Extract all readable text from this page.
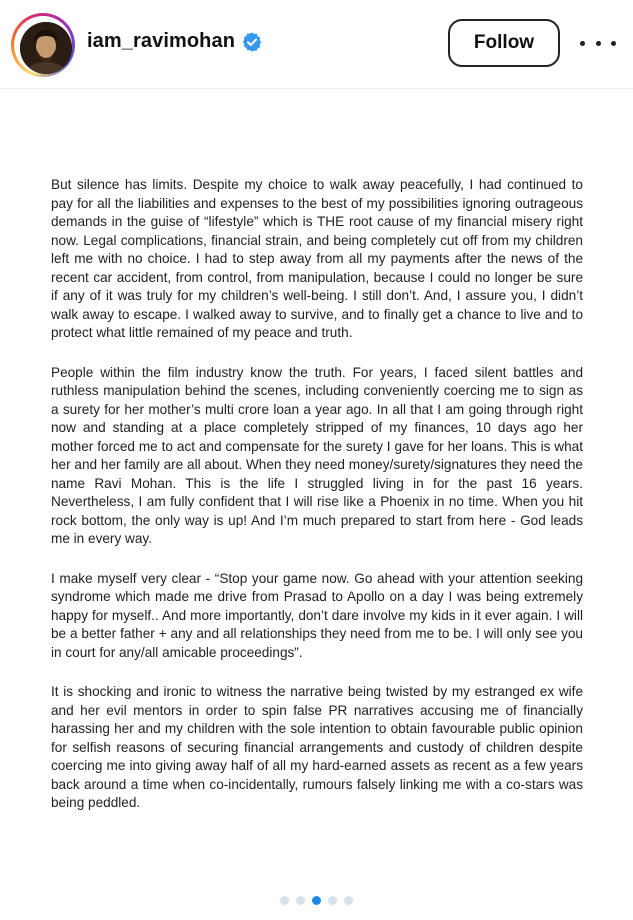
iam_ravimohan	Follow

But silence has limits. Despite my choice to walk away peacefully, I had continued to pay for all the liabilities and expenses to the best of my possibilities ignoring outrageous demands in the guise of “lifestyle” which is THE root cause of my financial misery right now. Legal complications, financial strain, and being completely cut off from my children left me with no choice. I had to step away from all my payments after the news of the recent car accident, from control, from manipulation, because I could no longer be sure if any of it was truly for my children’s well-being. I still don’t. And, I assure you, I didn’t walk away to escape. I walked away to survive, and to finally get a chance to live and to protect what little remained of my peace and truth.

People within the film industry know the truth. For years, I faced silent battles and ruthless manipulation behind the scenes, including conveniently coercing me to sign as a surety for her mother’s multi crore loan a year ago. In all that I am going through right now and standing at a place completely stripped of my finances, 10 days ago her mother forced me to act and compensate for the surety I gave for her loans. This is what her and her family are all about. When they need money/surety/signatures they need the name Ravi Mohan. This is the life I struggled living in for the past 16 years. Nevertheless, I am fully confident that I will rise like a Phoenix in no time. When you hit rock bottom, the only way is up! And I’m much prepared to start from here - God leads me in every way.

I make myself very clear - “Stop your game now. Go ahead with your attention seeking syndrome which made me drive from Prasad to Apollo on a day I was being extremely happy for myself.. And more importantly, don’t dare involve my kids in it ever again. I will be a better father + any and all relationships they need from me to be. I will only see you in court for any/all amicable proceedings”.

It is shocking and ironic to witness the narrative being twisted by my estranged ex wife and her evil mentors in order to spin false PR narratives accusing me of financially harassing her and my children with the sole intention to obtain favourable public opinion for selfish reasons of securing financial arrangements and custody of children despite coercing me into giving away half of all my hard-earned assets as recent as a few years back around a time when co-incidentally, rumours falsely linking me with a co-stars was being peddled.
